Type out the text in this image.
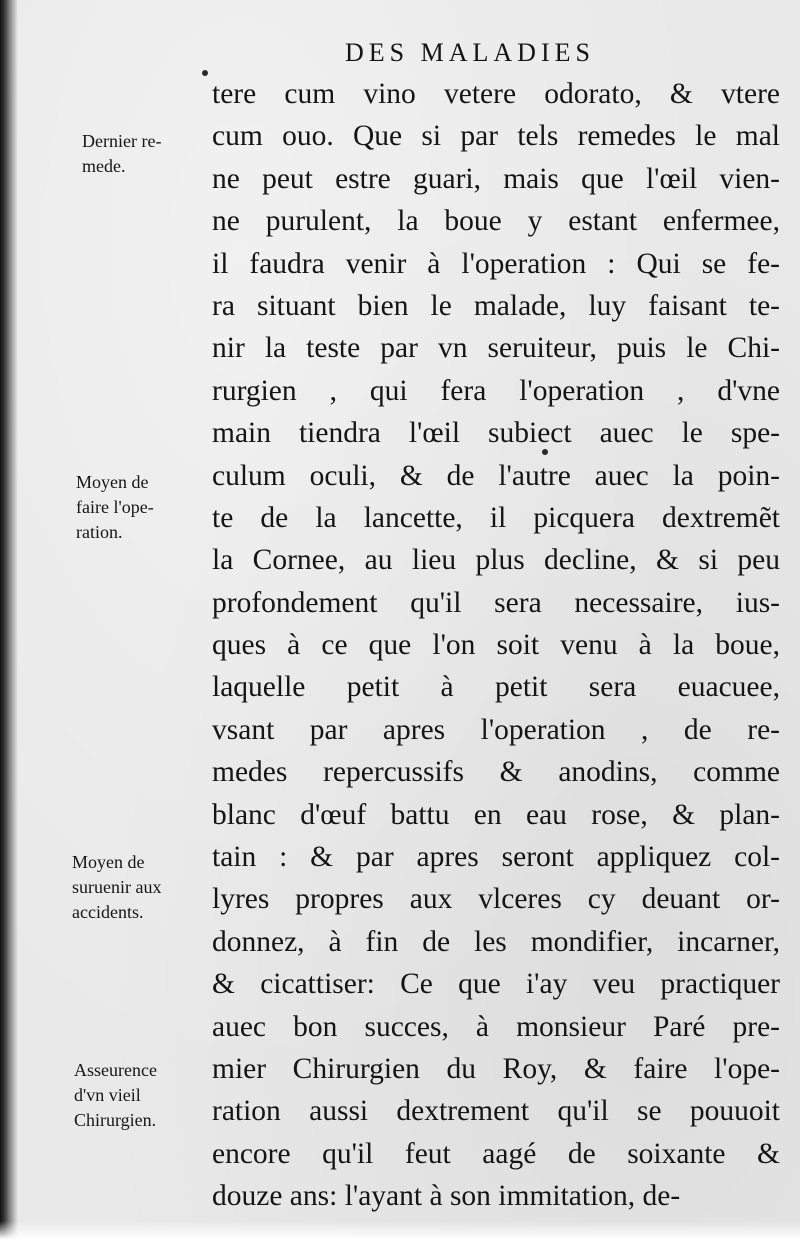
DES MALADIES
tere cum vino vetere odorato, & vtere
cum ouo. Que si par tels remedes le mal
ne peut estre guari, mais que l'œil vien-
ne purulent, la boue y estant enfermee,
il faudra venir à l'operation : Qui se fe-
ra situant bien le malade, luy faisant te-
nir la teste par vn seruiteur, puis le Chi-
rurgien , qui fera l'operation , d'vne
main tiendra l'œil subiect auec le spe-
culum oculi, & de l'autre auec la poin-
te de la lancette, il picquera dextremẽt
la Cornee, au lieu plus decline, & si peu
profondement qu'il sera necessaire, ius-
ques à ce que l'on soit venu à la boue,
laquelle petit à petit sera euacuee,
vsant par apres l'operation , de re-
medes repercussifs & anodins, comme
blanc d'œuf battu en eau rose, & plan-
tain : & par apres seront appliquez col-
lyres propres aux vlceres cy deuant or-
donnez, à fin de les mondifier, incarner,
& cicattiser: Ce que i'ay veu practiquer
auec bon succes, à monsieur Paré pre-
mier Chirurgien du Roy, & faire l'ope-
ration aussi dextrement qu'il se pouuoit
encore qu'il feut aagé de soixante &
douze ans: l'ayant à son immitation, de-
Dernier re-
mede.
Moyen de
faire l'ope-
ration.
Moyen de
suruenir aux
accidents.
Asseurence
d'vn vieil
Chirurgien.
